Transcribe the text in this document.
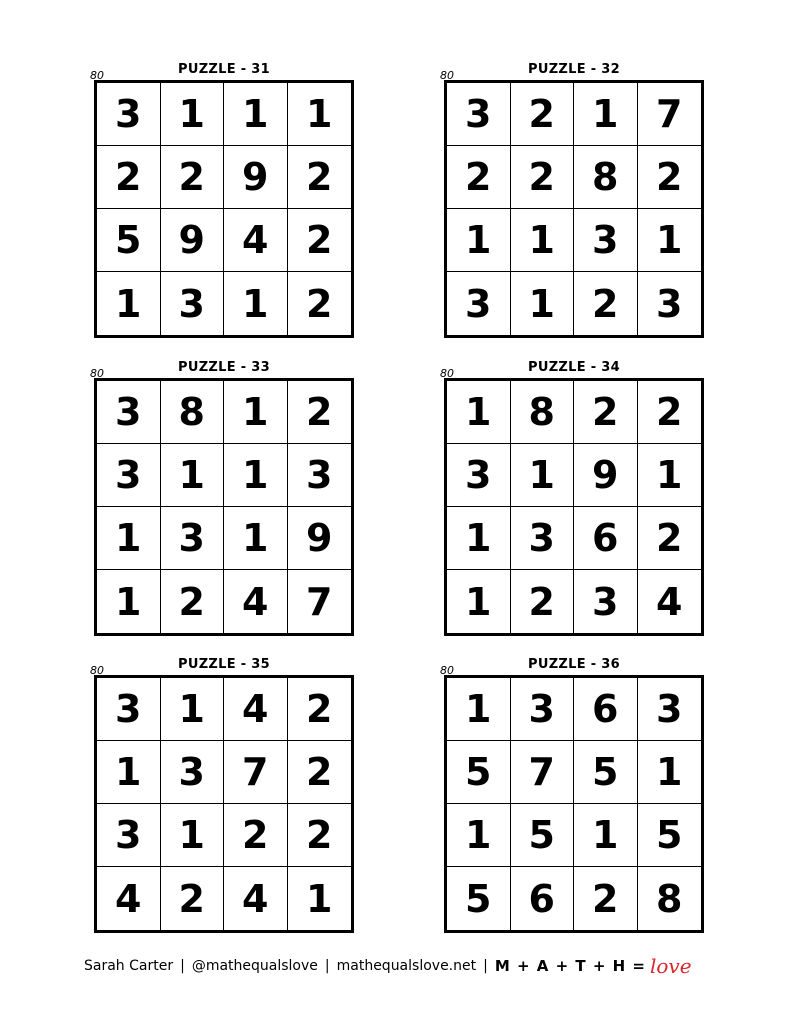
PUZZLE - 31
80
3 1 1 1
2 2 9 2
5 9 4 2
1 3 1 2
PUZZLE - 32
80
3 2 1 7
2 2 8 2
1 1 3 1
3 1 2 3
PUZZLE - 33
80
3 8 1 2
3 1 1 3
1 3 1 9
1 2 4 7
PUZZLE - 34
80
1 8 2 2
3 1 9 1
1 3 6 2
1 2 3 4
PUZZLE - 35
80
3 1 4 2
1 3 7 2
3 1 2 2
4 2 4 1
PUZZLE - 36
80
1 3 6 3
5 7 5 1
1 5 1 5
5 6 2 8
Sarah Carter | @mathequalslove | mathequalslove.net | M + A + T + H = love
